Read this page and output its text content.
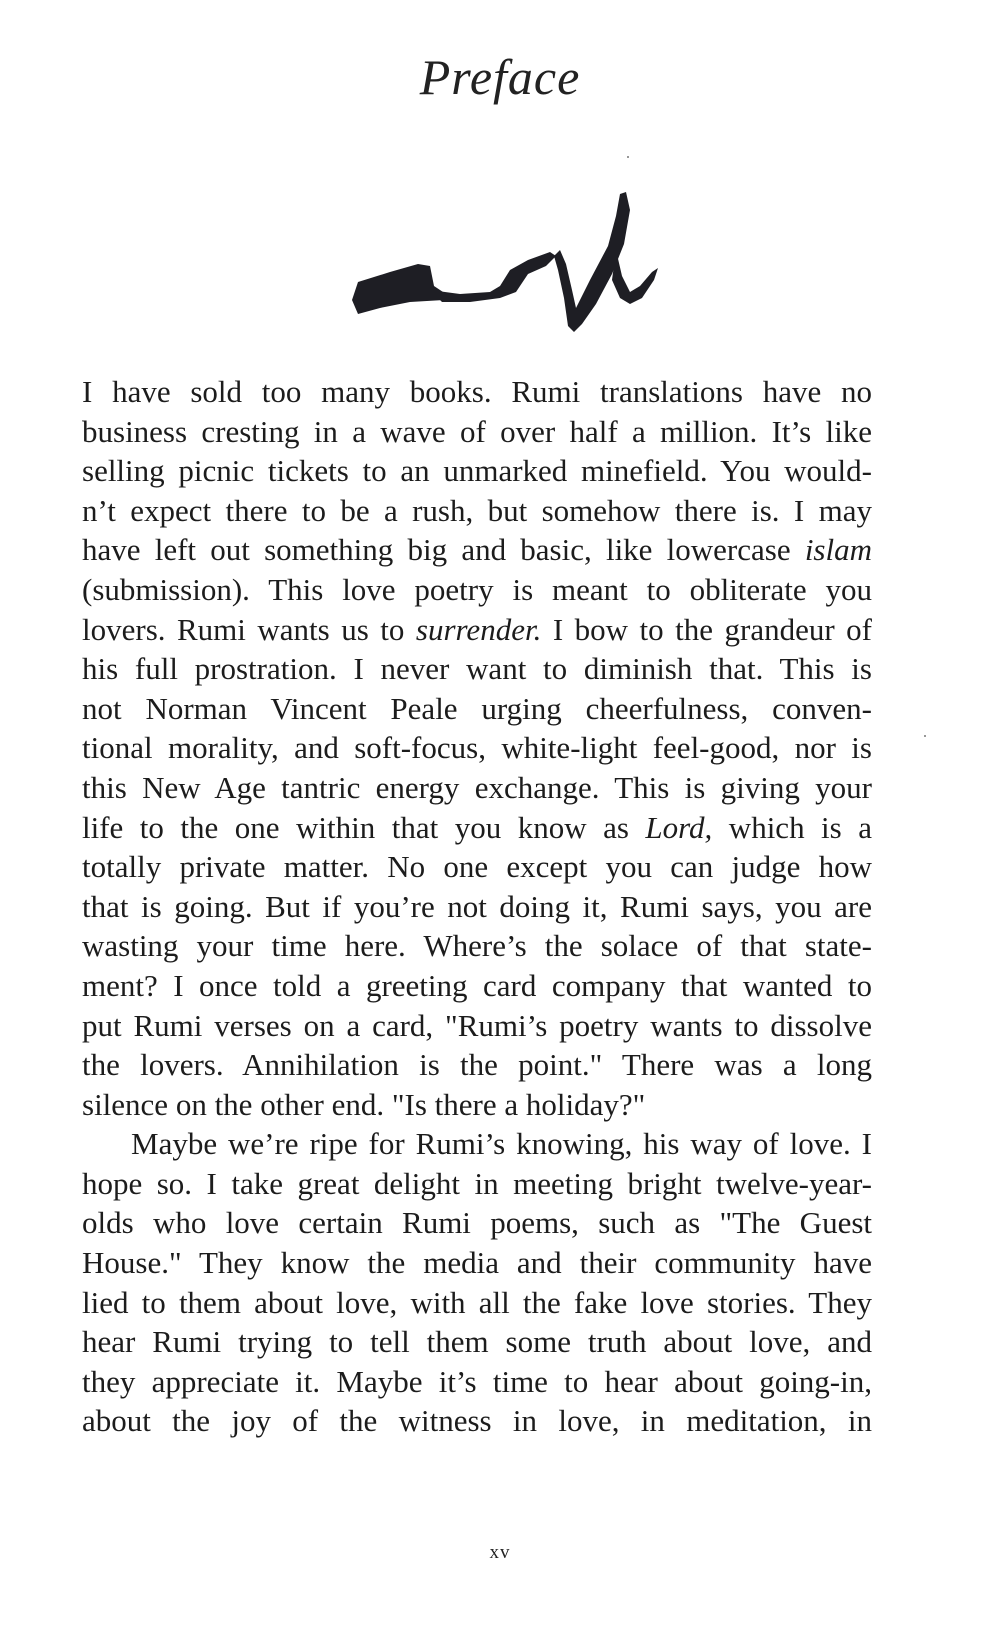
Preface
I have sold too many books. Rumi translations have no
business cresting in a wave of over half a million. It’s like
selling picnic tickets to an unmarked minefield. You would-
n’t expect there to be a rush, but somehow there is. I may
have left out something big and basic, like lowercase islam
(submission). This love poetry is meant to obliterate you
lovers. Rumi wants us to surrender. I bow to the grandeur of
his full prostration. I never want to diminish that. This is
not Norman Vincent Peale urging cheerfulness, conven-
tional morality, and soft-focus, white-light feel-good, nor is
this New Age tantric energy exchange. This is giving your
life to the one within that you know as Lord, which is a
totally private matter. No one except you can judge how
that is going. But if you’re not doing it, Rumi says, you are
wasting your time here. Where’s the solace of that state-
ment? I once told a greeting card company that wanted to
put Rumi verses on a card, "Rumi’s poetry wants to dissolve
the lovers. Annihilation is the point." There was a long
silence on the other end. "Is there a holiday?"
Maybe we’re ripe for Rumi’s knowing, his way of love. I
hope so. I take great delight in meeting bright twelve-year-
olds who love certain Rumi poems, such as "The Guest
House." They know the media and their community have
lied to them about love, with all the fake love stories. They
hear Rumi trying to tell them some truth about love, and
they appreciate it. Maybe it’s time to hear about going-in,
about the joy of the witness in love, in meditation, in
xv
